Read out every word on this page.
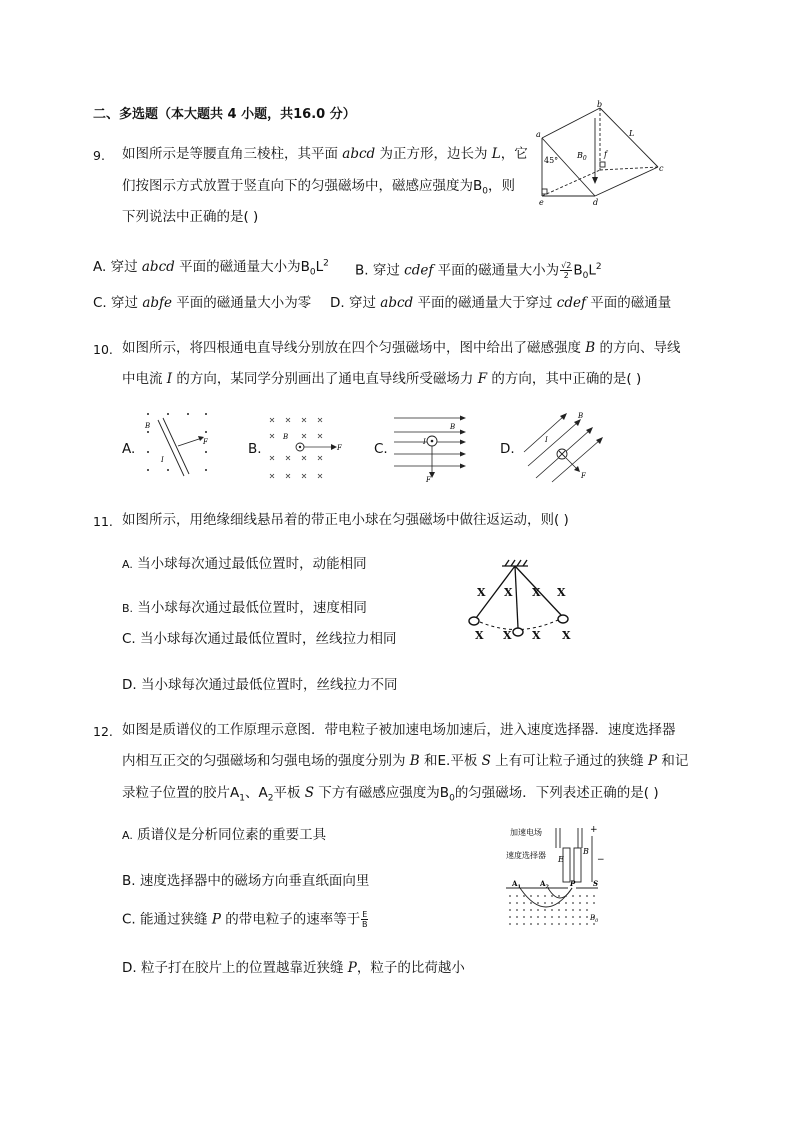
二、多选题（本大题共 4 小题，共16.0 分）
9. 如图所示是等腰直角三棱柱，其平面 abcd 为正方形，边长为 L，它
们按图示方式放置于竖直向下的匀强磁场中，磁感应强度为$B_0$，则
下列说法中正确的是( )
A. 穿过 abcd 平面的磁通量大小为$B_0L^2$ B. 穿过 cdef 平面的磁通量大小为 $\frac{√2}{2} B_0L^2$
C. 穿过 abfe 平面的磁通量大小为零 D. 穿过 abcd 平面的磁通量大于穿过 cdef 平面的磁通量
a
b
c
d
e
f
L
$B_0$
45°
10. 如图所示，将四根通电直导线分别放在四个匀强磁场中，图中给出了磁感强度 B 的方向、导线
中电流 I 的方向，某同学分别画出了通电直导线所受磁场力 F 的方向，其中正确的是( )
A.
B
F
I
B.
B
F C.
B
I
F
D.
B
I
F
11. 如图所示，用绝缘细线悬吊着的带正电小球在匀强磁场中做往返运动，则( )
A. 当小球每次通过最低位置时，动能相同
B. 当小球每次通过最低位置时，速度相同
C. 当小球每次通过最低位置时，丝线拉力相同
D. 当小球每次通过最低位置时，丝线拉力不同
X X X X
X X X X
12. 如图是质谱仪的工作原理示意图．带电粒子被加速电场加速后，进入速度选择器．速度选择器
内相互正交的匀强磁场和匀强电场的强度分别为 B 和E.平板 S 上有可让粒子通过的狭缝 P 和记
录粒子位置的胶片$A_1$、$A_2$平板 S 下方有磁感应强度为$B_0$的匀强磁场．下列表述正确的是( )
A. 质谱仪是分析同位素的重要工具
B. 速度选择器中的磁场方向垂直纸面向里
C. 能通过狭缝 P 的带电粒子的速率等于 $\frac{E}{B}$
D. 粒子打在胶片上的位置越靠近狭缝 P，粒子的比荷越小
加速电场
速度选择器
+
−
E
B
$A_1$	$A_2$	P	S
$B_0$
